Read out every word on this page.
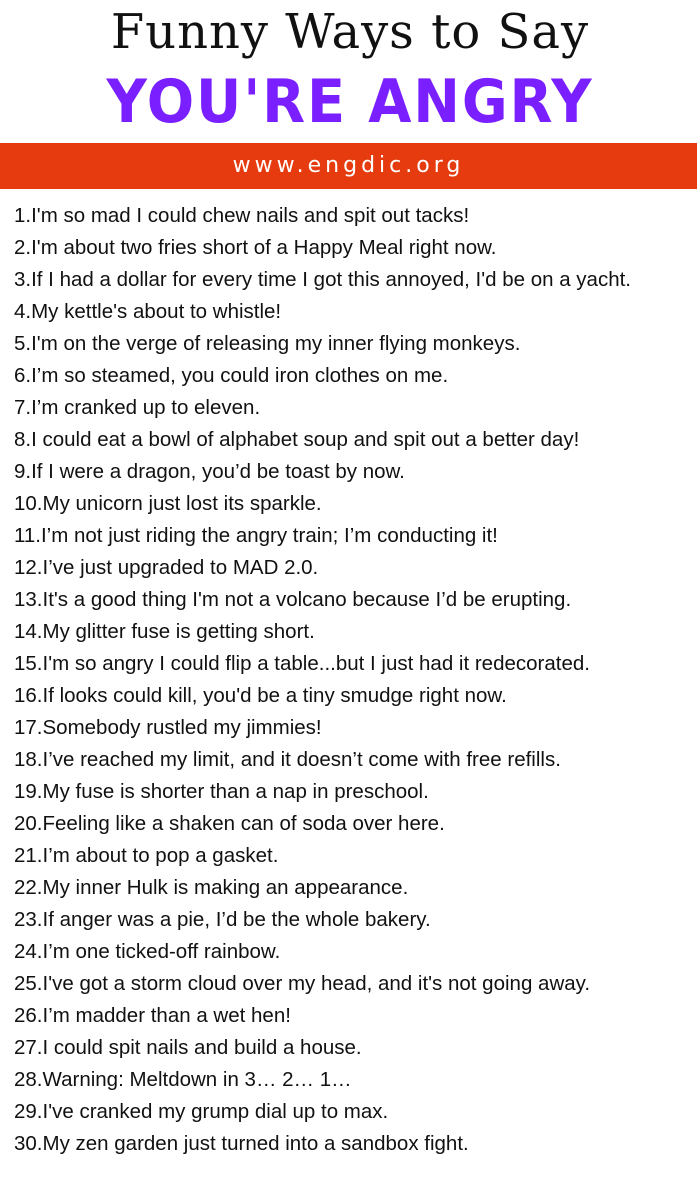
Funny Ways to Say
YOU'RE ANGRY
www.engdic.org
1.I'm so mad I could chew nails and spit out tacks!
2.I'm about two fries short of a Happy Meal right now.
3.If I had a dollar for every time I got this annoyed, I'd be on a yacht.
4.My kettle's about to whistle!
5.I'm on the verge of releasing my inner flying monkeys.
6.I’m so steamed, you could iron clothes on me.
7.I’m cranked up to eleven.
8.I could eat a bowl of alphabet soup and spit out a better day!
9.If I were a dragon, you’d be toast by now.
10.My unicorn just lost its sparkle.
11.I’m not just riding the angry train; I’m conducting it!
12.I’ve just upgraded to MAD 2.0.
13.It's a good thing I'm not a volcano because I’d be erupting.
14.My glitter fuse is getting short.
15.I'm so angry I could flip a table...but I just had it redecorated.
16.If looks could kill, you'd be a tiny smudge right now.
17.Somebody rustled my jimmies!
18.I’ve reached my limit, and it doesn’t come with free refills.
19.My fuse is shorter than a nap in preschool.
20.Feeling like a shaken can of soda over here.
21.I’m about to pop a gasket.
22.My inner Hulk is making an appearance.
23.If anger was a pie, I’d be the whole bakery.
24.I’m one ticked-off rainbow.
25.I've got a storm cloud over my head, and it's not going away.
26.I’m madder than a wet hen!
27.I could spit nails and build a house.
28.Warning: Meltdown in 3… 2… 1…
29.I've cranked my grump dial up to max.
30.My zen garden just turned into a sandbox fight.
